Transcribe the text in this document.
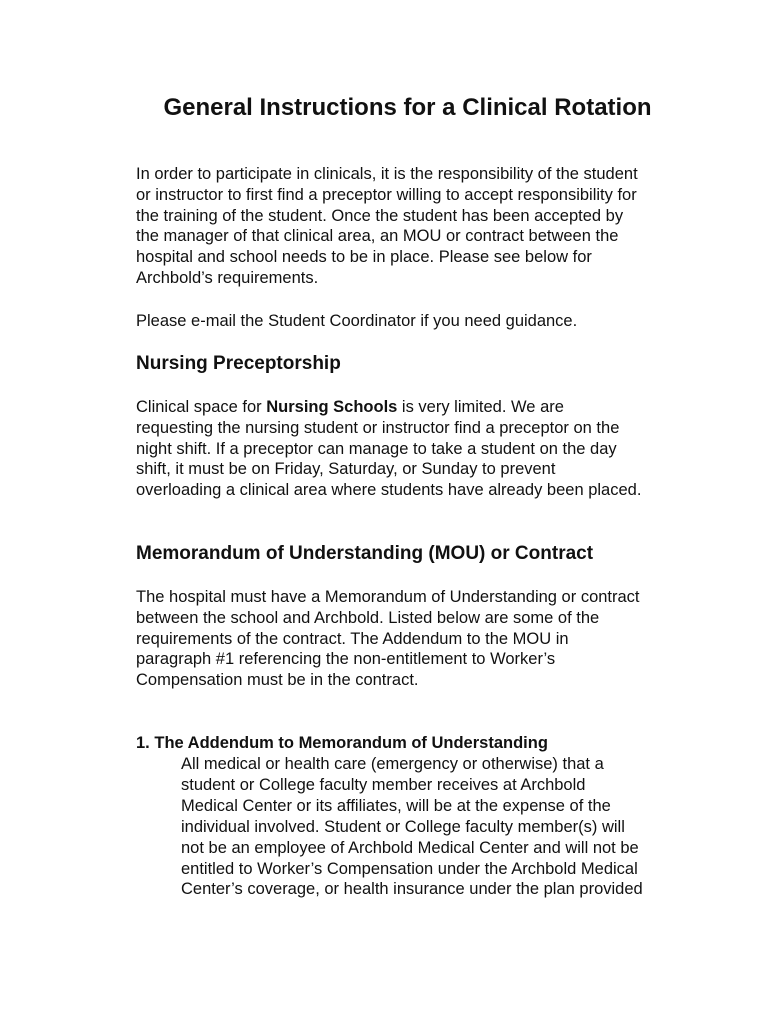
General Instructions for a Clinical Rotation

In order to participate in clinicals, it is the responsibility of the student
or instructor to first find a preceptor willing to accept responsibility for
the training of the student. Once the student has been accepted by
the manager of that clinical area, an MOU or contract between the
hospital and school needs to be in place. Please see below for
Archbold’s requirements.

Please e-mail the Student Coordinator if you need guidance.

Nursing Preceptorship

Clinical space for Nursing Schools is very limited. We are
requesting the nursing student or instructor find a preceptor on the
night shift. If a preceptor can manage to take a student on the day
shift, it must be on Friday, Saturday, or Sunday to prevent
overloading a clinical area where students have already been placed.

Memorandum of Understanding (MOU) or Contract

The hospital must have a Memorandum of Understanding or contract
between the school and Archbold. Listed below are some of the
requirements of the contract. The Addendum to the MOU in
paragraph #1 referencing the non-entitlement to Worker’s
Compensation must be in the contract.

1. The Addendum to Memorandum of Understanding
All medical or health care (emergency or otherwise) that a
student or College faculty member receives at Archbold
Medical Center or its affiliates, will be at the expense of the
individual involved. Student or College faculty member(s) will
not be an employee of Archbold Medical Center and will not be
entitled to Worker’s Compensation under the Archbold Medical
Center’s coverage, or health insurance under the plan provided
